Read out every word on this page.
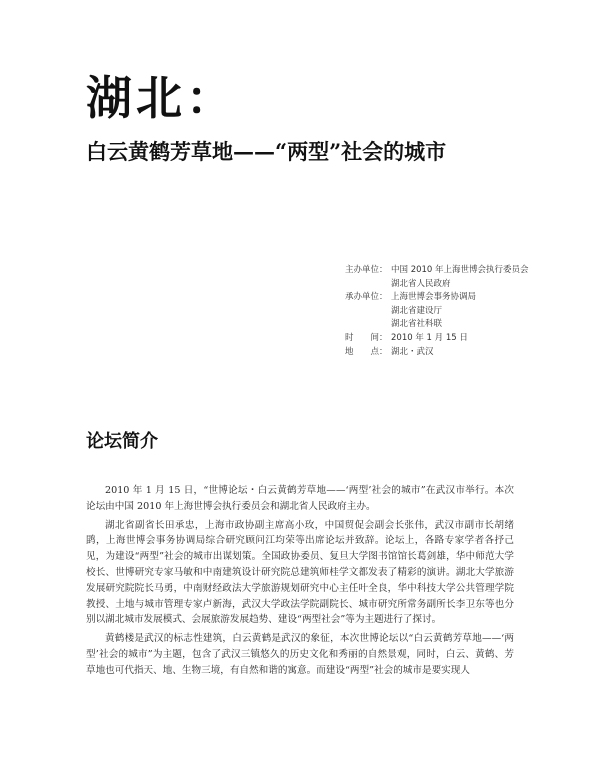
湖北：
白云黄鹤芳草地——“两型”社会的城市
主办单位： 中国 2010 年上海世博会执行委员会
湖北省人民政府
承办单位： 上海世博会事务协调局
湖北省建设厅
湖北省社科联
时　　间： 2010 年 1 月 15 日
地　　点： 湖北・武汉
论坛简介

2010 年 1 月 15 日，“世博论坛・白云黄鹤芳草地——‘两型’社会的城市”在武汉市举行。本次论坛由中国 2010 年上海世博会执行委员会和湖北省人民政府主办。

湖北省副省长田承忠，上海市政协副主席高小玫，中国贸促会副会长张伟，武汉市副市长胡绪鹍，上海世博会事务协调局综合研究顾问江均荣等出席论坛并致辞。论坛上，各路专家学者各抒己见，为建设“两型”社会的城市出谋划策。全国政协委员、复旦大学图书馆馆长葛剑雄，华中师范大学校长、世博研究专家马敏和中南建筑设计研究院总建筑师桂学文都发表了精彩的演讲。湖北大学旅游发展研究院院长马勇，中南财经政法大学旅游规划研究中心主任叶全良，华中科技大学公共管理学院教授、土地与城市管理专家卢新海，武汉大学政法学院副院长、城市研究所常务副所长李卫东等也分别以湖北城市发展模式、会展旅游发展趋势、建设“两型社会”等为主题进行了探讨。

黄鹤楼是武汉的标志性建筑，白云黄鹤是武汉的象征，本次世博论坛以“白云黄鹤芳草地——‘两型’社会的城市”为主题，包含了武汉三镇悠久的历史文化和秀丽的自然景观，同时，白云、黄鹤、芳草地也可代指天、地、生物三境，有自然和谐的寓意。而建设“两型”社会的城市是要实现人
